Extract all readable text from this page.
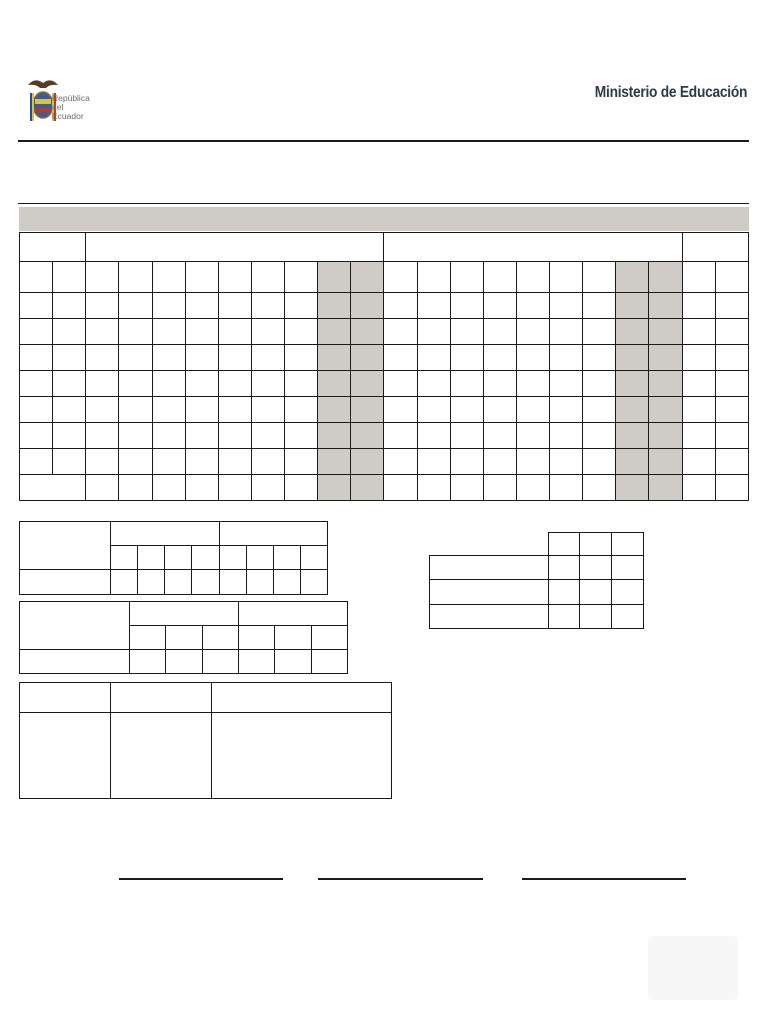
República del Ecuador
Ministerio de Educación
